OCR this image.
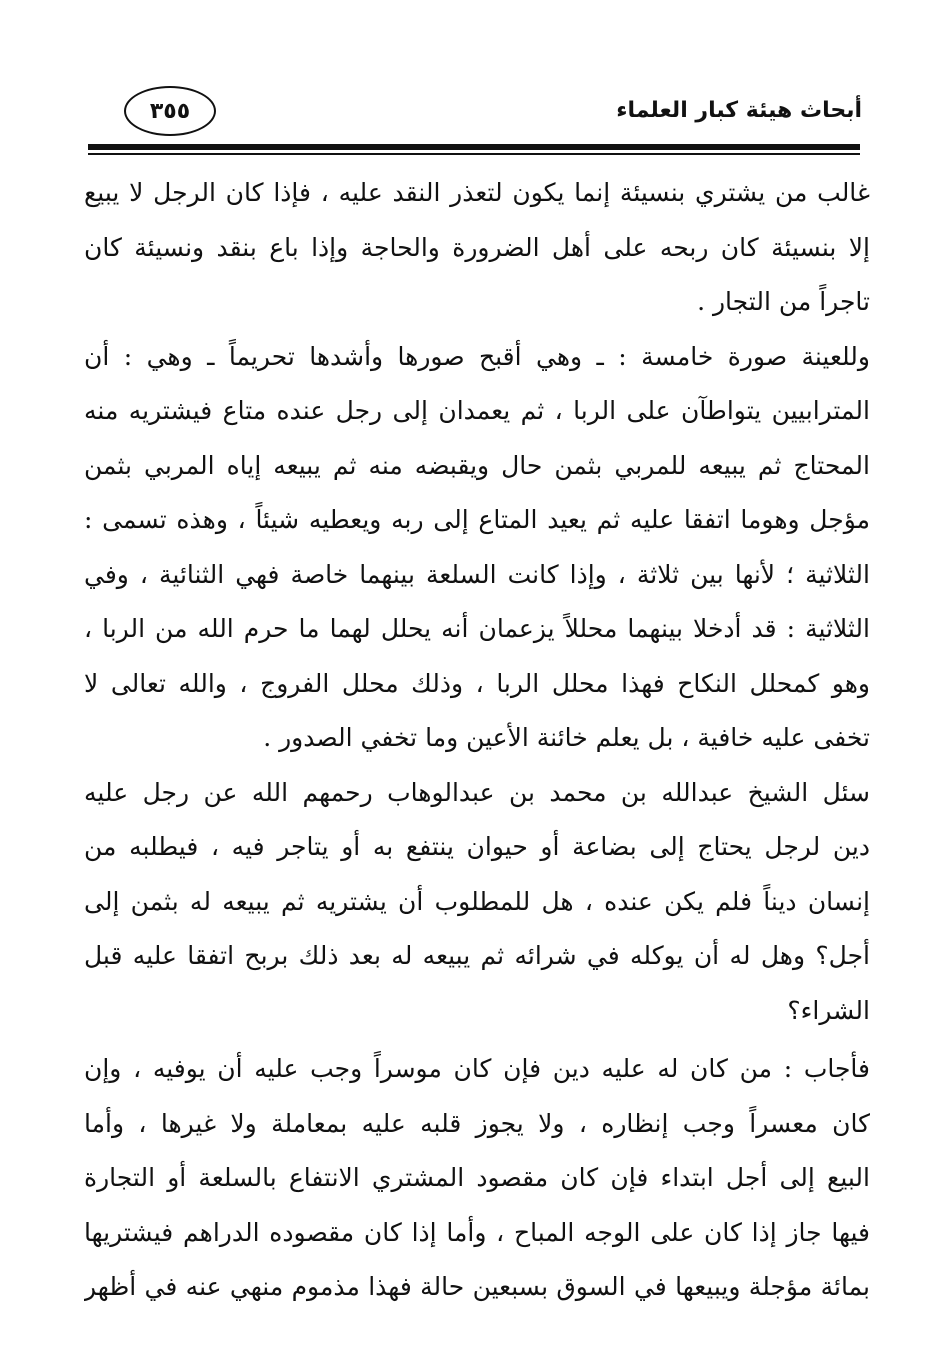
أبحاث هيئة كبار العلماء
٣٥٥
غالب من يشتري بنسيئة إنما يكون لتعذر النقد عليه ، فإذا كان الرجل لا يبيع
إلا بنسيئة كان ربحه على أهل الضرورة والحاجة وإذا باع بنقد ونسيئة كان
تاجراً من التجار .
وللعينة صورة خامسة : ـ وهي أقبح صورها وأشدها تحريماً ـ وهي : أن
المترابيين يتواطآن على الربا ، ثم يعمدان إلى رجل عنده متاع فيشتريه منه
المحتاج ثم يبيعه للمربي بثمن حال ويقبضه منه ثم يبيعه إياه المربي بثمن
مؤجل وهوما اتفقا عليه ثم يعيد المتاع إلى ربه ويعطيه شيئاً ، وهذه تسمى :
الثلاثية ؛ لأنها بين ثلاثة ، وإذا كانت السلعة بينهما خاصة فهي الثنائية ، وفي
الثلاثية : قد أدخلا بينهما محللاً يزعمان أنه يحلل لهما ما حرم الله من الربا ،
وهو كمحلل النكاح فهذا محلل الربا ، وذلك محلل الفروج ، والله تعالى لا
تخفى عليه خافية ، بل يعلم خائنة الأعين وما تخفي الصدور .
سئل الشيخ عبدالله بن محمد بن عبدالوهاب رحمهم الله عن رجل عليه
دين لرجل يحتاج إلى بضاعة أو حيوان ينتفع به أو يتاجر فيه ، فيطلبه من
إنسان ديناً فلم يكن عنده ، هل للمطلوب أن يشتريه ثم يبيعه له بثمن إلى
أجل؟ وهل له أن يوكله في شرائه ثم يبيعه له بعد ذلك بربح اتفقا عليه قبل
الشراء؟
فأجاب : من كان له عليه دين فإن كان موسراً وجب عليه أن يوفيه ، وإن
كان معسراً وجب إنظاره ، ولا يجوز قلبه عليه بمعاملة ولا غيرها ، وأما
البيع إلى أجل ابتداء فإن كان مقصود المشتري الانتفاع بالسلعة أو التجارة
فيها جاز إذا كان على الوجه المباح ، وأما إذا كان مقصوده الدراهم فيشتريها
بمائة مؤجلة ويبيعها في السوق بسبعين حالة فهذا مذموم منهي عنه في أظهر
